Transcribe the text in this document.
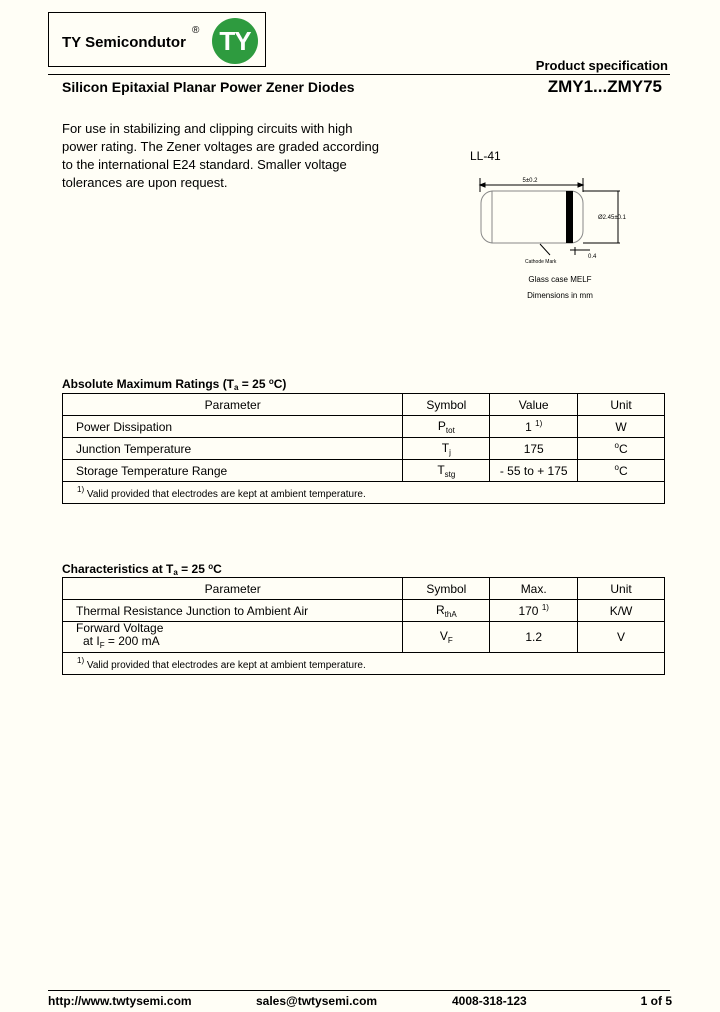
TY Semicondutor
® TY
Product specification
Silicon Epitaxial Planar Power Zener Diodes	ZMY1...ZMY75
For use in stabilizing and clipping circuits with high power rating. The Zener voltages are graded according to the international E24 standard. Smaller voltage tolerances are upon request.
LL-41
5±0.2
Ø2.45±0.1
0.4
Cathode Mark
Glass case MELF
Dimensions in mm
Absolute Maximum Ratings ($T_a = 25$ $^o$C)
Parameter	Symbol	Value	Unit
Power Dissipation	$P_{tot}$	1 $^{1)}$	W
Junction Temperature	$T_j$	175	$^o$C
Storage Temperature Range	$T_{stg}$	- 55 to + 175	$^o$C
$^{1)}$ Valid provided that electrodes are kept at ambient temperature.			
Characteristics at $T_a = 25$ $^o$C
Parameter	Symbol	Max.	Unit
Thermal Resistance Junction to Ambient Air	$R_{thA}$	170 $^{1)}$	K/W

Forward Voltage
at $I_F = 200$ mA	$V_F$	1.2	V
$^{1)}$ Valid provided that electrodes are kept at ambient temperature.			
http://www.twtysemi.com	sales@twtysemi.com	4008-318-123	1 of 5
